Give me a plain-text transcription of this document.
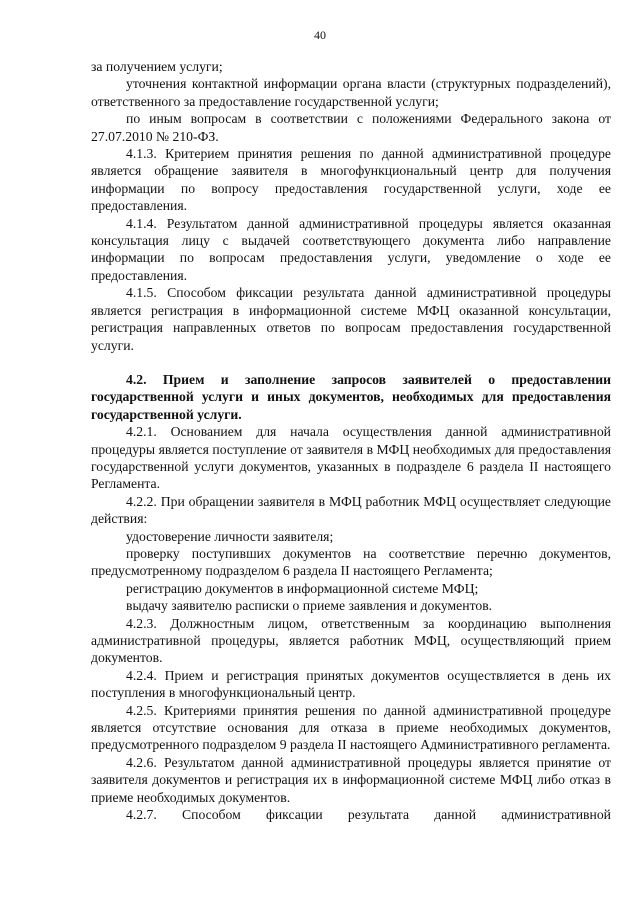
40

за получением услуги;

уточнения контактной информации органа власти (структурных подразделений), ответственного за предоставление государственной услуги;

по иным вопросам в соответствии с положениями Федерального закона от 27.07.2010 № 210-ФЗ.

4.1.3. Критерием принятия решения по данной административной процедуре является обращение заявителя в многофункциональный центр для получения информации по вопросу предоставления государственной услуги, ходе ее предоставления.

4.1.4. Результатом данной административной процедуры является оказанная консультация лицу с выдачей соответствующего документа либо направление информации по вопросам предоставления услуги, уведомление о ходе ее предоставления.

4.1.5. Способом фиксации результата данной административной процедуры является регистрация в информационной системе МФЦ оказанной консультации, регистрация направленных ответов по вопросам предоставления государственной услуги.

4.2. Прием и заполнение запросов заявителей о предоставлении государственной услуги и иных документов, необходимых для предоставления государственной услуги.

4.2.1. Основанием для начала осуществления данной административной процедуры является поступление от заявителя в МФЦ необходимых для предоставления государственной услуги документов, указанных в подразделе 6 раздела II настоящего Регламента.

4.2.2. При обращении заявителя в МФЦ работник МФЦ осуществляет следующие действия:

удостоверение личности заявителя;

проверку поступивших документов на соответствие перечню документов, предусмотренному подразделом 6 раздела II настоящего Регламента;

регистрацию документов в информационной системе МФЦ;

выдачу заявителю расписки о приеме заявления и документов.

4.2.3. Должностным лицом, ответственным за координацию выполнения административной процедуры, является работник МФЦ, осуществляющий прием документов.

4.2.4. Прием и регистрация принятых документов осуществляется в день их поступления в многофункциональный центр.

4.2.5. Критериями принятия решения по данной административной процедуре является отсутствие основания для отказа в приеме необходимых документов, предусмотренного подразделом 9 раздела II настоящего Административного регламента.

4.2.6. Результатом данной административной процедуры является принятие от заявителя документов и регистрация их в информационной системе МФЦ либо отказ в приеме необходимых документов.

4.2.7. Способом фиксации результата данной административной
